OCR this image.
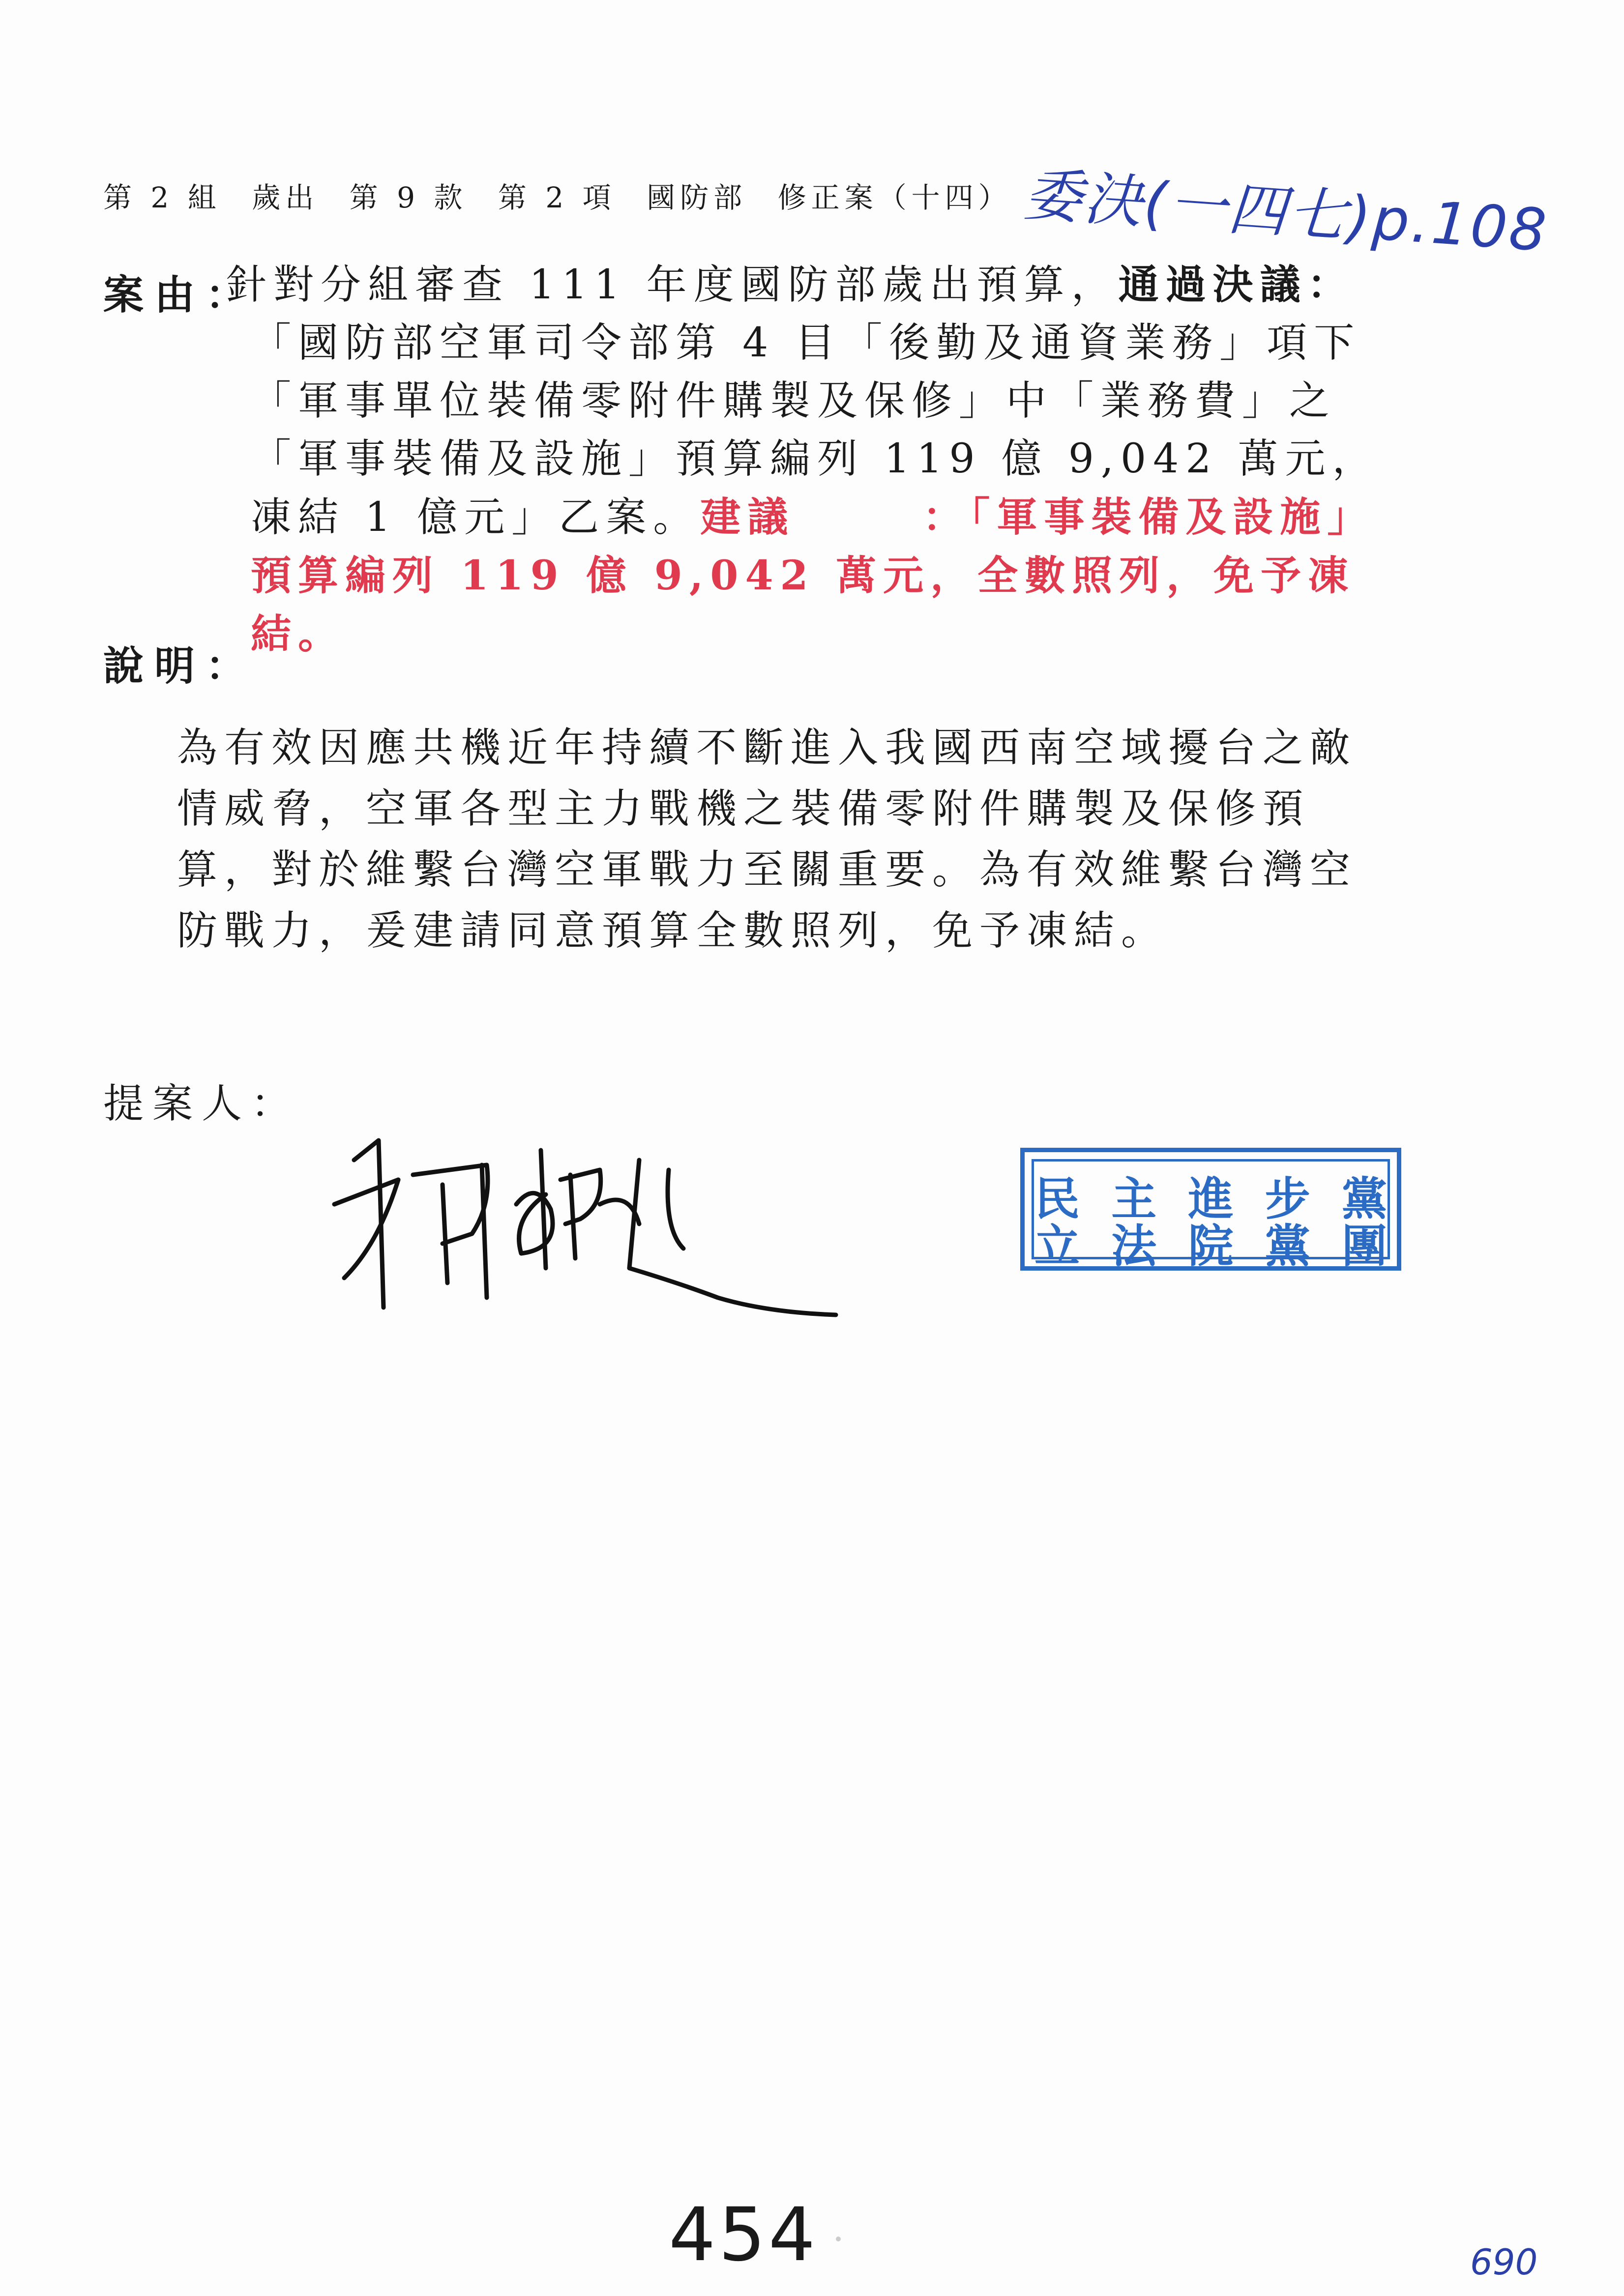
第 2 組 歲出 第 9 款 第 2 項 國防部 修正案（十四） 委決(一四七)p.108
案由：
針對分組審查 111 年度國防部歲出預算，通過決議：
「國防部空軍司令部第 4 目「後勤及通資業務」項下「軍事單位裝備零附件購製及保修」中「業務費」之「軍事裝備及設施」預算編列 119 億 9,042 萬元，凍結 1 億元」乙案。建議	：「軍事裝備及設施」預算編列 119 億 9,042 萬元，全數照列，免予凍結。
說明：
為有效因應共機近年持續不斷進入我國西南空域擾台之敵情威脅，空軍各型主力戰機之裝備零附件購製及保修預算，對於維繫台灣空軍戰力至關重要。為有效維繫台灣空防戰力，爰建請同意預算全數照列，免予凍結。
提案人：
民 主 進 步 黨
立 法 院 黨 團
454	690
